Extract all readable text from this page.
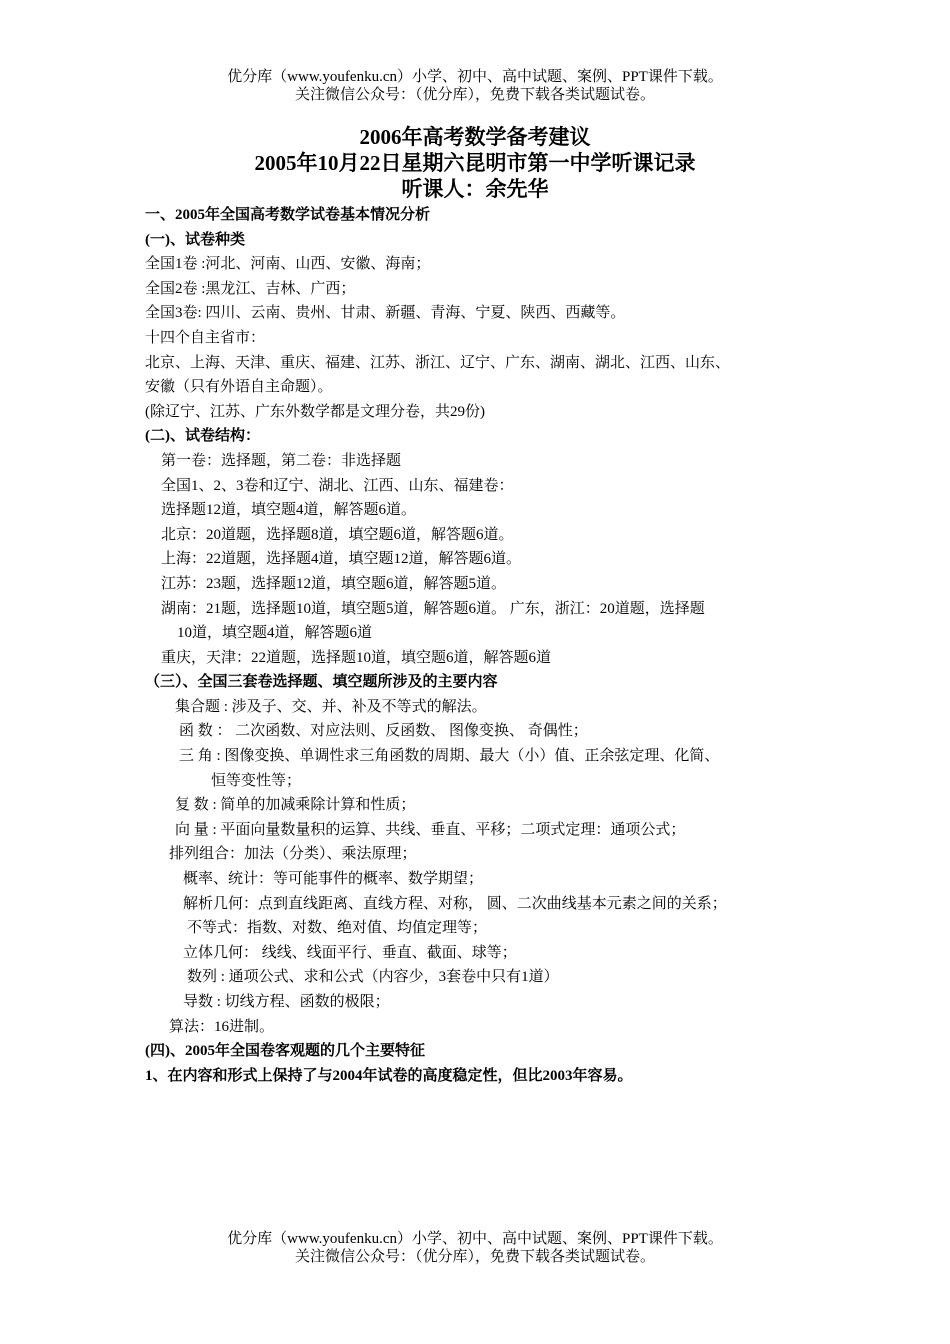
优分库（www.youfenku.cn）小学、初中、高中试题、案例、PPT课件下载。
关注微信公众号：（优分库），免费下载各类试题试卷。
2006年高考数学备考建议
2005年10月22日星期六昆明市第一中学听课记录
听课人：余先华
一、2005年全国高考数学试卷基本情况分析
(一)、试卷种类
全国1卷 :河北、河南、山西、安徽、海南；
全国2卷 :黑龙江、吉林、广西；
全国3卷: 四川、云南、贵州、甘肃、新疆、青海、宁夏、陕西、西藏等。
十四个自主省市：
北京、上海、天津、重庆、福建、江苏、浙江、辽宁、广东、湖南、湖北、江西、山东、
安徽（只有外语自主命题）。
(除辽宁、江苏、广东外数学都是文理分卷，共29份)
(二)、试卷结构：
第一卷：选择题，第二卷：非选择题
全国1、2、3卷和辽宁、湖北、江西、山东、福建卷：
选择题12道，填空题4道，解答题6道。
北京：20道题，选择题8道，填空题6道，解答题6道。
上海：22道题，选择题4道，填空题12道，解答题6道。
江苏：23题，选择题12道，填空题6道，解答题5道。
湖南：21题，选择题10道，填空题5道，解答题6道。 广东，浙江：20道题，选择题
10道，填空题4道，解答题6道
重庆，天津：22道题，选择题10道，填空题6道，解答题6道
（三）、全国三套卷选择题、填空题所涉及的主要内容
集合题 : 涉及子、交、并、补及不等式的解法。
函 数 ： 二次函数、对应法则、反函数、 图像变换、 奇偶性；
三 角 : 图像变换、单调性求三角函数的周期、最大（小）值、正余弦定理、化简、
恒等变性等；
复 数 : 简单的加减乘除计算和性质；
向 量 : 平面向量数量积的运算、共线、垂直、平移；二项式定理：通项公式；
排列组合：加法（分类）、乘法原理；
概率、统计：等可能事件的概率、数学期望；
解析几何：点到直线距离、直线方程、对称， 圆、二次曲线基本元素之间的关系；
不等式：指数、对数、绝对值、均值定理等；
立体几何： 线线、线面平行、垂直、截面、球等；
数列 : 通项公式、求和公式（内容少，3套卷中只有1道）
导数 : 切线方程、函数的极限；
算法：16进制。
(四)、2005年全国卷客观题的几个主要特征
1、在内容和形式上保持了与2004年试卷的高度稳定性，但比2003年容易。
优分库（www.youfenku.cn）小学、初中、高中试题、案例、PPT课件下载。
关注微信公众号：（优分库），免费下载各类试题试卷。
